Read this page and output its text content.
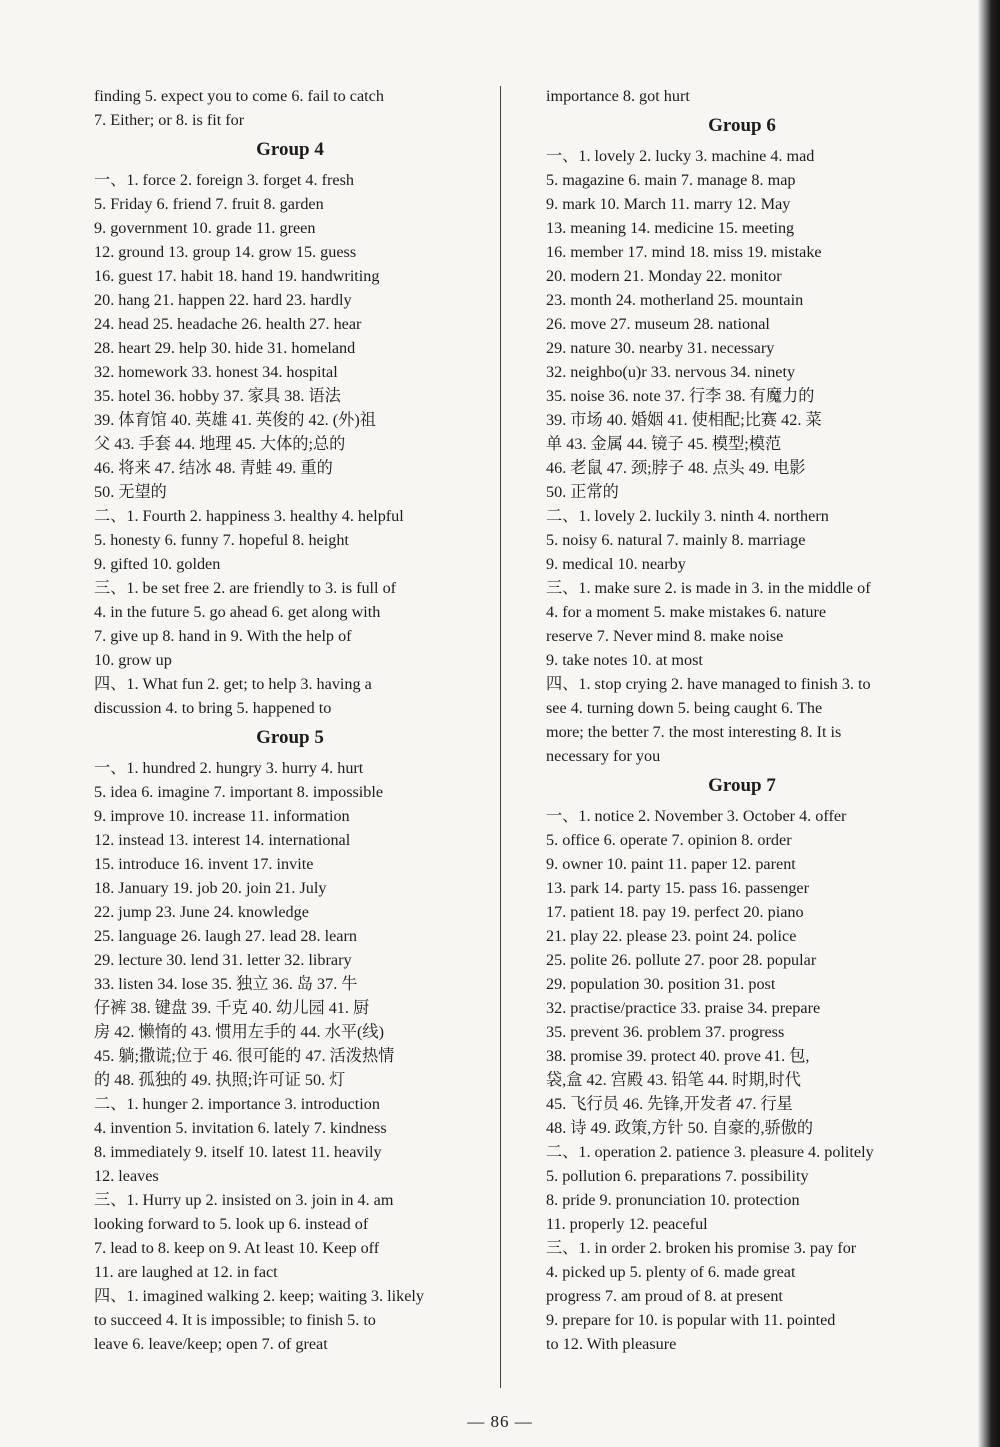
finding 5. expect you to come 6. fail to catch
7. Either; or 8. is fit for
Group 4
一、1. force 2. foreign 3. forget 4. fresh
5. Friday 6. friend 7. fruit 8. garden
9. government 10. grade 11. green
12. ground 13. group 14. grow 15. guess
16. guest 17. habit 18. hand 19. handwriting
20. hang 21. happen 22. hard 23. hardly
24. head 25. headache 26. health 27. hear
28. heart 29. help 30. hide 31. homeland
32. homework 33. honest 34. hospital
35. hotel 36. hobby 37. 家具 38. 语法
39. 体育馆 40. 英雄 41. 英俊的 42. (外)祖
父 43. 手套 44. 地理 45. 大体的;总的
46. 将来 47. 结冰 48. 青蛙 49. 重的
50. 无望的
二、1. Fourth 2. happiness 3. healthy 4. helpful
5. honesty 6. funny 7. hopeful 8. height
9. gifted 10. golden
三、1. be set free 2. are friendly to 3. is full of
4. in the future 5. go ahead 6. get along with
7. give up 8. hand in 9. With the help of
10. grow up
四、1. What fun 2. get; to help 3. having a
discussion 4. to bring 5. happened to
Group 5
一、1. hundred 2. hungry 3. hurry 4. hurt
5. idea 6. imagine 7. important 8. impossible
9. improve 10. increase 11. information
12. instead 13. interest 14. international
15. introduce 16. invent 17. invite
18. January 19. job 20. join 21. July
22. jump 23. June 24. knowledge
25. language 26. laugh 27. lead 28. learn
29. lecture 30. lend 31. letter 32. library
33. listen 34. lose 35. 独立 36. 岛 37. 牛
仔裤 38. 键盘 39. 千克 40. 幼儿园 41. 厨
房 42. 懒惰的 43. 惯用左手的 44. 水平(线)
45. 躺;撒谎;位于 46. 很可能的 47. 活泼热情
的 48. 孤独的 49. 执照;许可证 50. 灯
二、1. hunger 2. importance 3. introduction
4. invention 5. invitation 6. lately 7. kindness
8. immediately 9. itself 10. latest 11. heavily
12. leaves
三、1. Hurry up 2. insisted on 3. join in 4. am
looking forward to 5. look up 6. instead of
7. lead to 8. keep on 9. At least 10. Keep off
11. are laughed at 12. in fact
四、1. imagined walking 2. keep; waiting 3. likely
to succeed 4. It is impossible; to finish 5. to
leave 6. leave/keep; open 7. of great
importance 8. got hurt
Group 6
一、1. lovely 2. lucky 3. machine 4. mad
5. magazine 6. main 7. manage 8. map
9. mark 10. March 11. marry 12. May
13. meaning 14. medicine 15. meeting
16. member 17. mind 18. miss 19. mistake
20. modern 21. Monday 22. monitor
23. month 24. motherland 25. mountain
26. move 27. museum 28. national
29. nature 30. nearby 31. necessary
32. neighbo(u)r 33. nervous 34. ninety
35. noise 36. note 37. 行李 38. 有魔力的
39. 市场 40. 婚姻 41. 使相配;比赛 42. 菜
单 43. 金属 44. 镜子 45. 模型;模范
46. 老鼠 47. 颈;脖子 48. 点头 49. 电影
50. 正常的
二、1. lovely 2. luckily 3. ninth 4. northern
5. noisy 6. natural 7. mainly 8. marriage
9. medical 10. nearby
三、1. make sure 2. is made in 3. in the middle of
4. for a moment 5. make mistakes 6. nature
reserve 7. Never mind 8. make noise
9. take notes 10. at most
四、1. stop crying 2. have managed to finish 3. to
see 4. turning down 5. being caught 6. The
more; the better 7. the most interesting 8. It is
necessary for you
Group 7
一、1. notice 2. November 3. October 4. offer
5. office 6. operate 7. opinion 8. order
9. owner 10. paint 11. paper 12. parent
13. park 14. party 15. pass 16. passenger
17. patient 18. pay 19. perfect 20. piano
21. play 22. please 23. point 24. police
25. polite 26. pollute 27. poor 28. popular
29. population 30. position 31. post
32. practise/practice 33. praise 34. prepare
35. prevent 36. problem 37. progress
38. promise 39. protect 40. prove 41. 包,
袋,盒 42. 宫殿 43. 铅笔 44. 时期,时代
45. 飞行员 46. 先锋,开发者 47. 行星
48. 诗 49. 政策,方针 50. 自豪的,骄傲的
二、1. operation 2. patience 3. pleasure 4. politely
5. pollution 6. preparations 7. possibility
8. pride 9. pronunciation 10. protection
11. properly 12. peaceful
三、1. in order 2. broken his promise 3. pay for
4. picked up 5. plenty of 6. made great
progress 7. am proud of 8. at present
9. prepare for 10. is popular with 11. pointed
to 12. With pleasure
— 86 —
